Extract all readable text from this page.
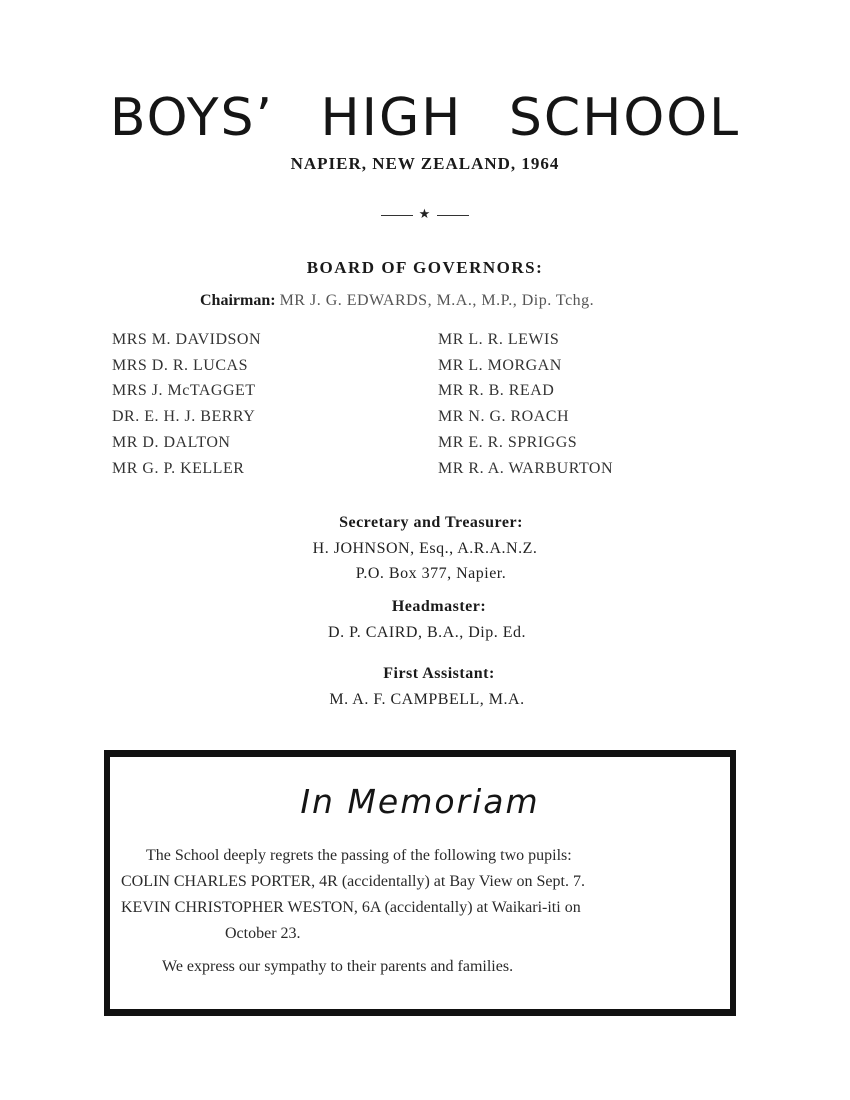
BOYS’ HIGH SCHOOL
NAPIER, NEW ZEALAND, 1964
★
BOARD OF GOVERNORS:
Chairman: MR J. G. EDWARDS, M.A., M.P., Dip. Tchg.
MRS M. DAVIDSON
MRS D. R. LUCAS
MRS J. McTAGGET
DR. E. H. J. BERRY
MR D. DALTON
MR G. P. KELLER
MR L. R. LEWIS
MR L. MORGAN
MR R. B. READ
MR N. G. ROACH
MR E. R. SPRIGGS
MR R. A. WARBURTON
Secretary and Treasurer:
H. JOHNSON, Esq., A.R.A.N.Z.
P.O. Box 377, Napier.
Headmaster:
D. P. CAIRD, B.A., Dip. Ed.
First Assistant:
M. A. F. CAMPBELL, M.A.
In Memoriam
The School deeply regrets the passing of the following two pupils:
COLIN CHARLES PORTER, 4R (accidentally) at Bay View on Sept. 7.
KEVIN CHRISTOPHER WESTON, 6A (accidentally) at Waikari-iti on
October 23.
We express our sympathy to their parents and families.
